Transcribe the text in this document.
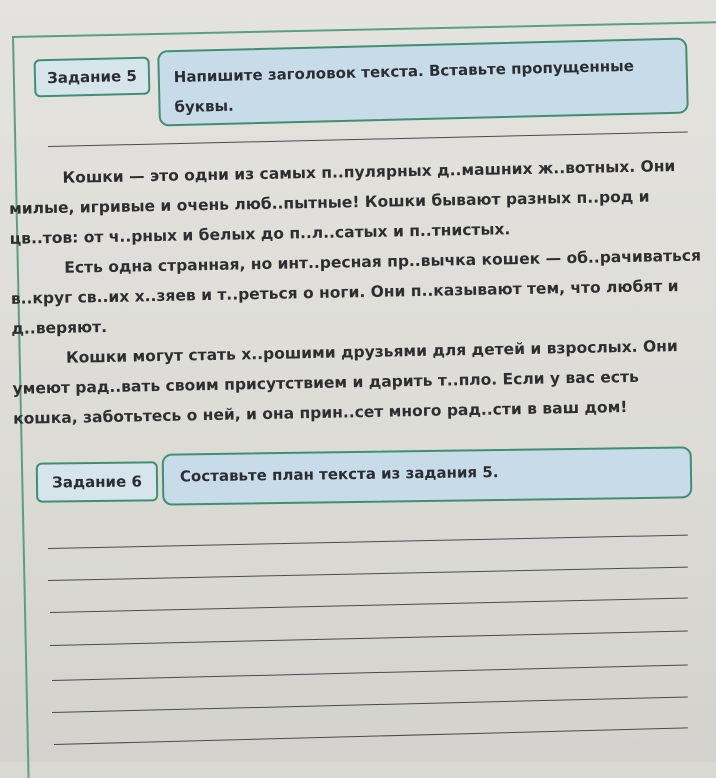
Задание 5 Напишите заголовок текста. Вставьте пропущенные
буквы.
Кошки — это одни из самых п..пулярных д..машних ж..вотных. Они
милые, игривые и очень люб..пытные! Кошки бывают разных п..род и
цв..тов: от ч..рных и белых до п..л..сатых и п..тнистых.
Есть одна странная, но инт..ресная пр..вычка кошек — об..рачиваться
в..круг св..их х..зяев и т..реться о ноги. Они п..казывают тем, что любят и
д..веряют.
Кошки могут стать х..рошими друзьями для детей и взрослых. Они
умеют рад..вать своим присутствием и дарить т..пло. Если у вас есть
кошка, заботьтесь о ней, и она прин..сет много рад..сти в ваш дом!
Задание 6	Составьте план текста из задания 5.
